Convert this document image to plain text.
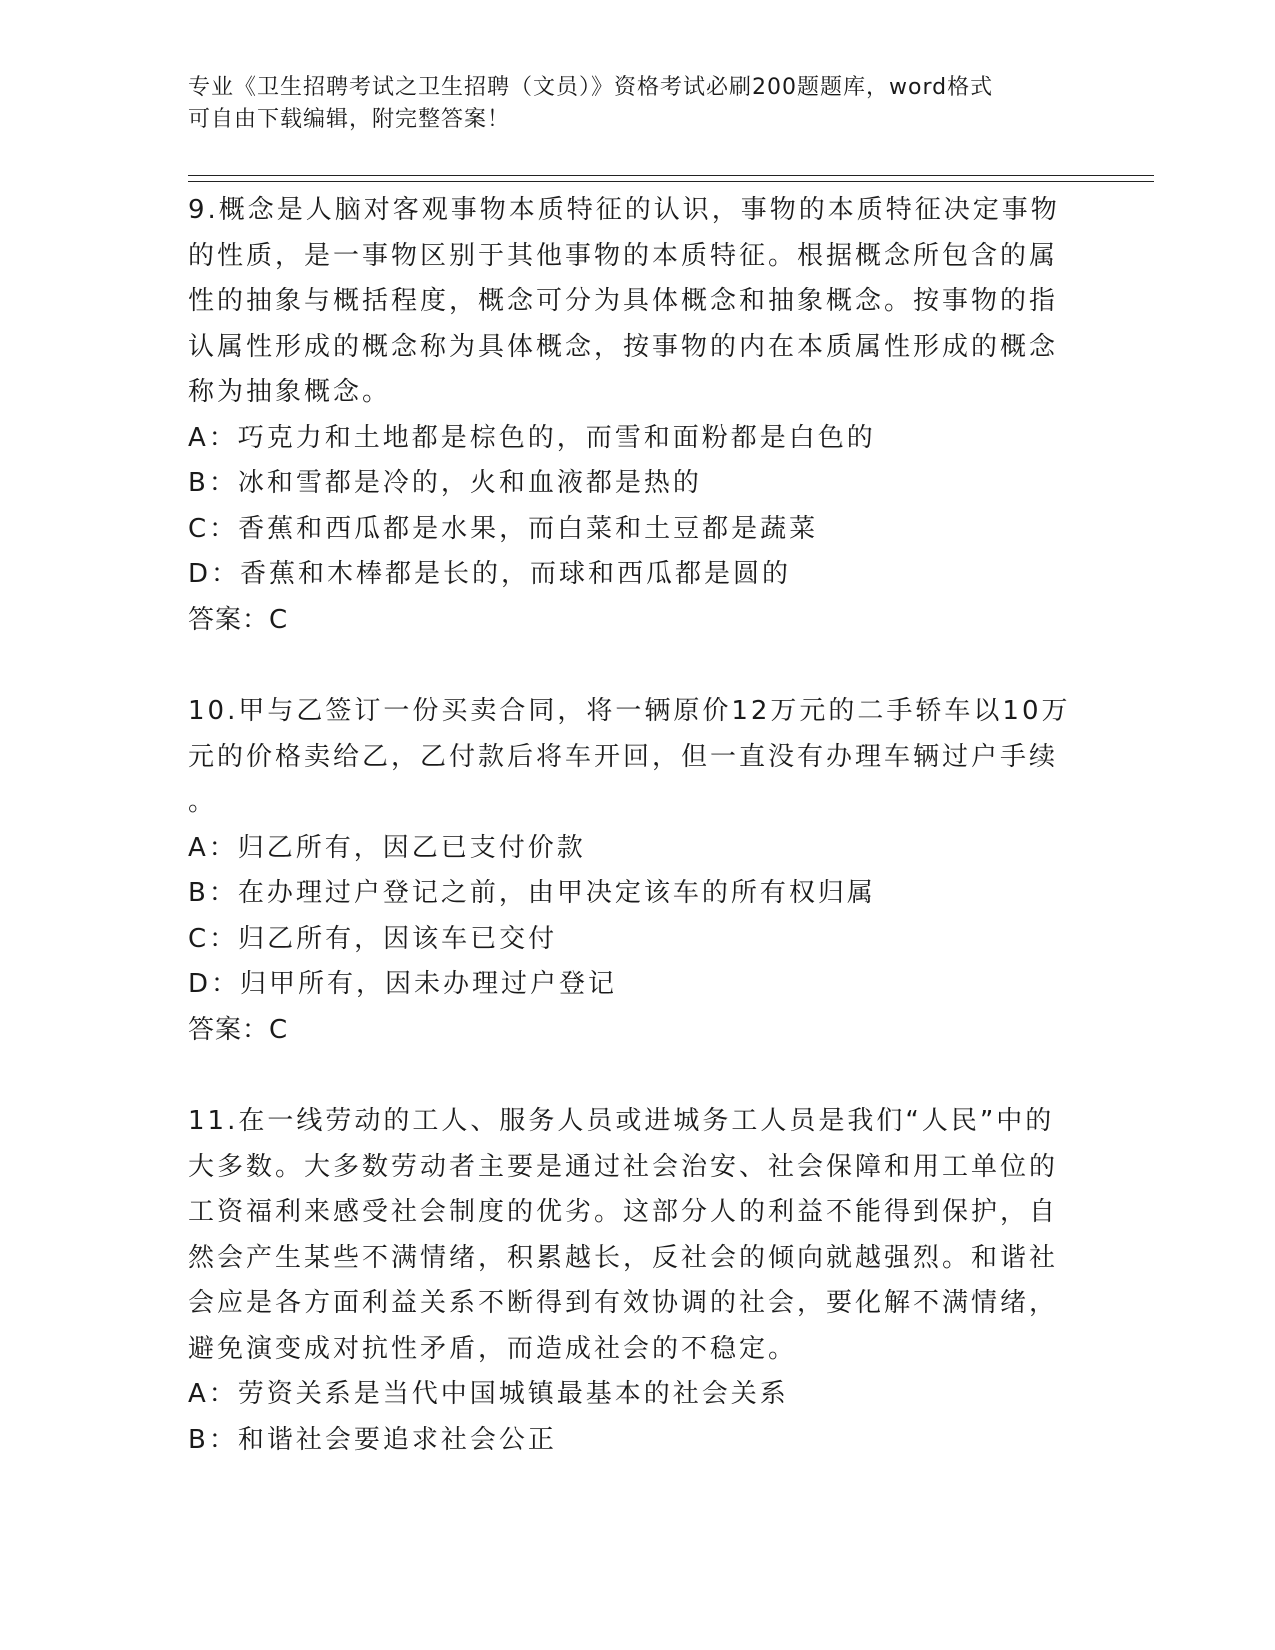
专业《卫生招聘考试之卫生招聘（文员）》资格考试必刷200题题库，word格式
可自由下载编辑，附完整答案！
9.概念是人脑对客观事物本质特征的认识，事物的本质特征决定事物
的性质，是一事物区别于其他事物的本质特征。根据概念所包含的属
性的抽象与概括程度，概念可分为具体概念和抽象概念。按事物的指
认属性形成的概念称为具体概念，按事物的内在本质属性形成的概念
称为抽象概念。
A：巧克力和土地都是棕色的，而雪和面粉都是白色的
B：冰和雪都是冷的，火和血液都是热的
C：香蕉和西瓜都是水果，而白菜和土豆都是蔬菜
D：香蕉和木棒都是长的，而球和西瓜都是圆的
答案：C
10.甲与乙签订一份买卖合同，将一辆原价12万元的二手轿车以10万
元的价格卖给乙，乙付款后将车开回，但一直没有办理车辆过户手续
。
A：归乙所有，因乙已支付价款
B：在办理过户登记之前，由甲决定该车的所有权归属
C：归乙所有，因该车已交付
D：归甲所有，因未办理过户登记
答案：C
11.在一线劳动的工人、服务人员或进城务工人员是我们“人民”中的
大多数。大多数劳动者主要是通过社会治安、社会保障和用工单位的
工资福利来感受社会制度的优劣。这部分人的利益不能得到保护，自
然会产生某些不满情绪，积累越长，反社会的倾向就越强烈。和谐社
会应是各方面利益关系不断得到有效协调的社会，要化解不满情绪，
避免演变成对抗性矛盾，而造成社会的不稳定。
A：劳资关系是当代中国城镇最基本的社会关系
B：和谐社会要追求社会公正
